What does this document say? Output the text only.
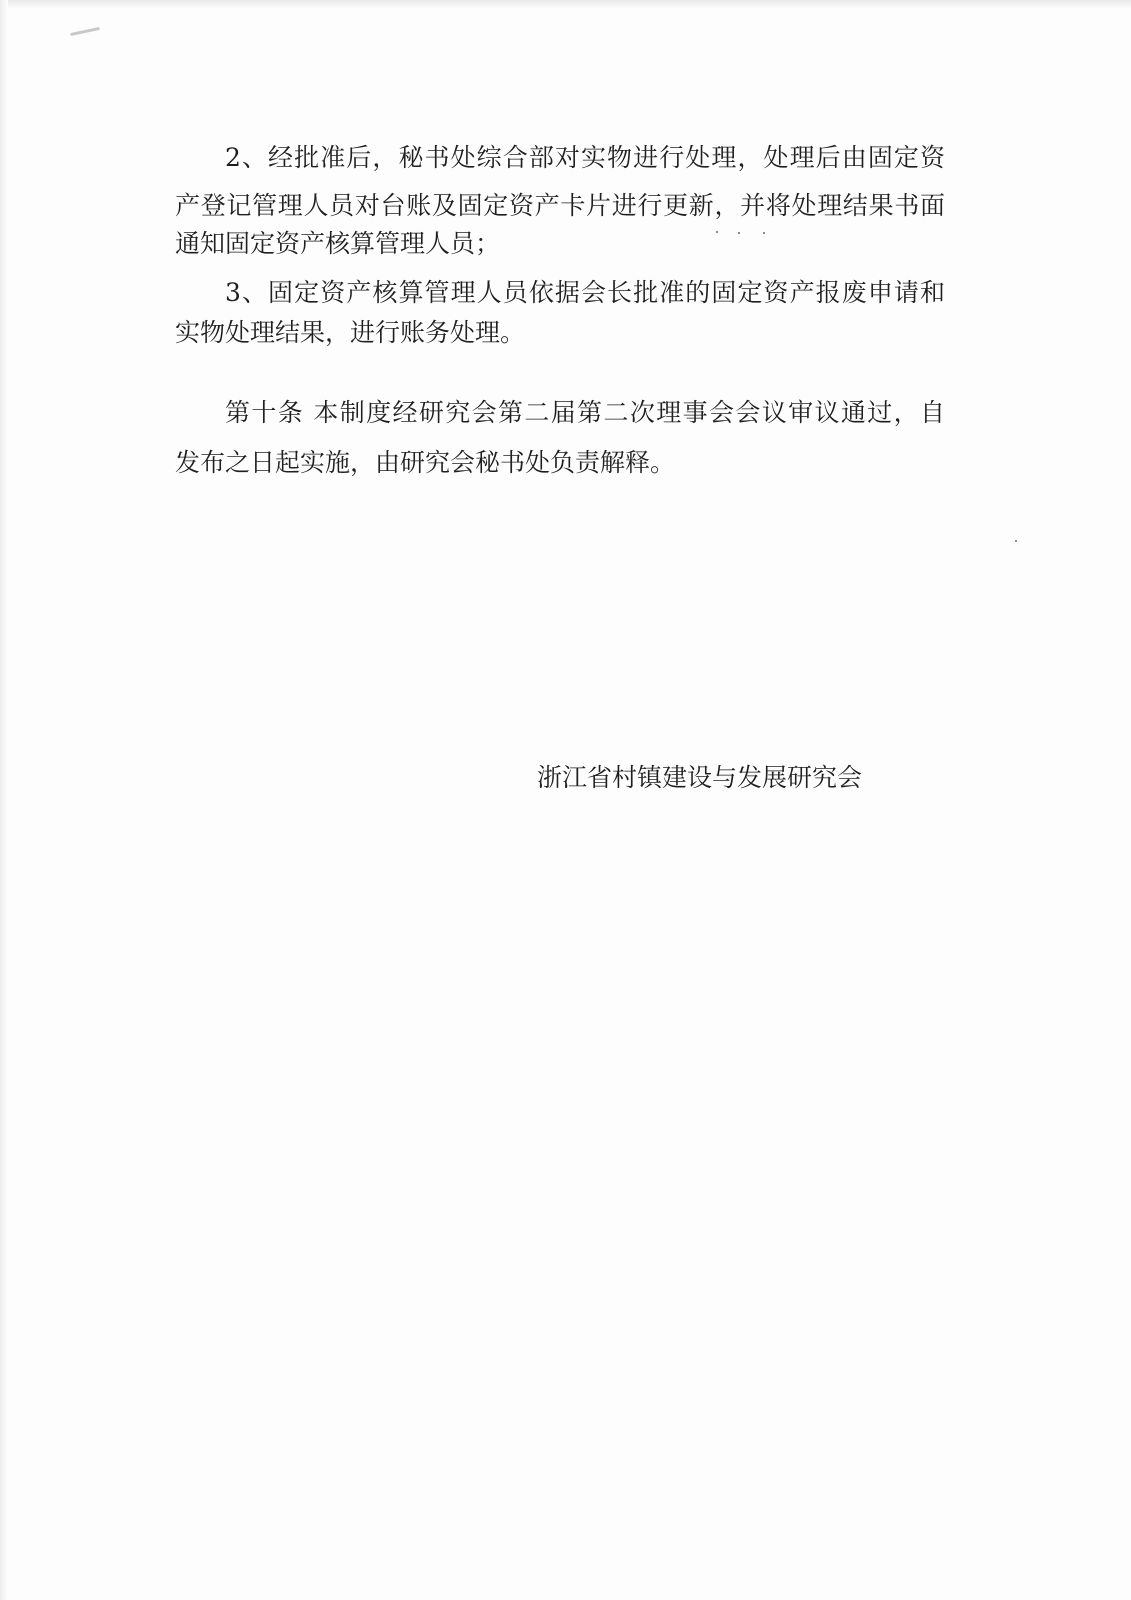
2、经批准后，秘书处综合部对实物进行处理，处理后由固定资
产登记管理人员对台账及固定资产卡片进行更新，并将处理结果书面
通知固定资产核算管理人员；
3、固定资产核算管理人员依据会长批准的固定资产报废申请和
实物处理结果，进行账务处理。
第十条 本制度经研究会第二届第二次理事会会议审议通过，自
发布之日起实施，由研究会秘书处负责解释。
浙江省村镇建设与发展研究会
